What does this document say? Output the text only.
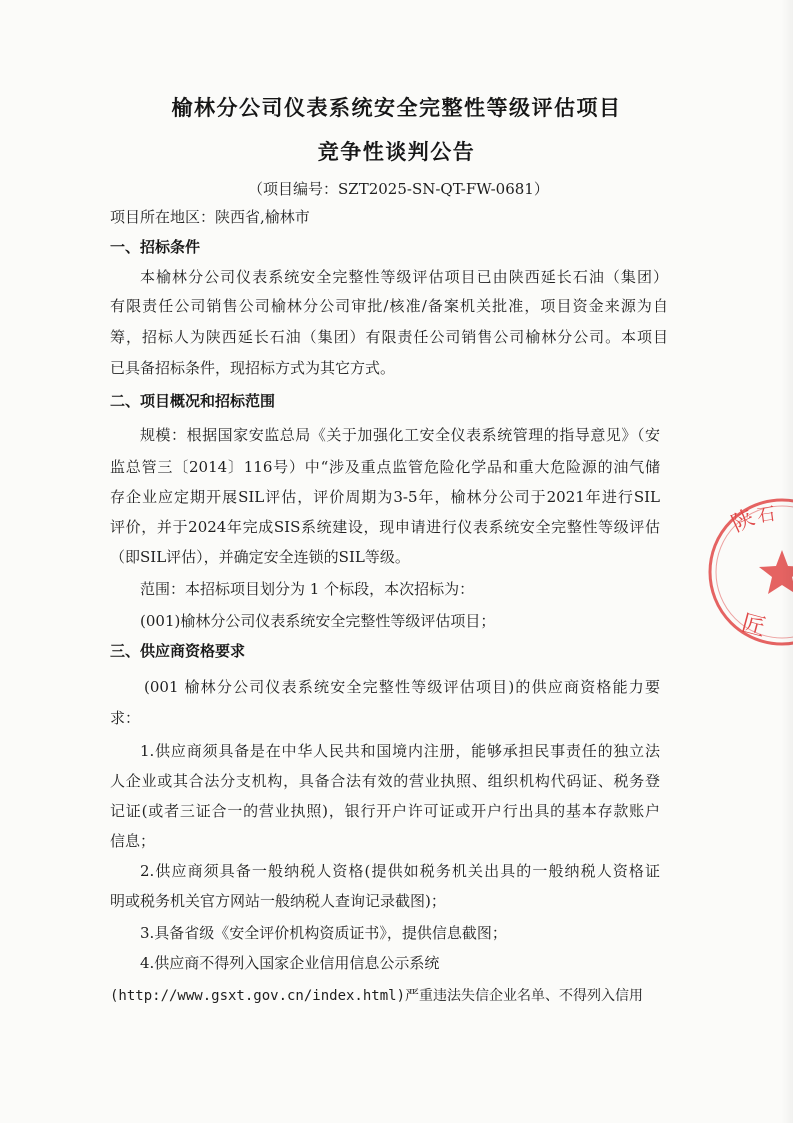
榆林分公司仪表系统安全完整性等级评估项目
竞争性谈判公告
（项目编号：SZT2025-SN-QT-FW-0681）
项目所在地区：陕西省,榆林市
一、招标条件
本榆林分公司仪表系统安全完整性等级评估项目已由陕西延长石油（集团）
有限责任公司销售公司榆林分公司审批/核准/备案机关批准，项目资金来源为自
筹，招标人为陕西延长石油（集团）有限责任公司销售公司榆林分公司。本项目
已具备招标条件，现招标方式为其它方式。
二、项目概况和招标范围
规模：根据国家安监总局《关于加强化工安全仪表系统管理的指导意见》（安
监总管三〔2014〕116号）中“涉及重点监管危险化学品和重大危险源的油气储
存企业应定期开展SIL评估，评价周期为3-5年，榆林分公司于2021年进行SIL
评价，并于2024年完成SIS系统建设，现申请进行仪表系统安全完整性等级评估
（即SIL评估），并确定安全连锁的SIL等级。
范围：本招标项目划分为 1 个标段，本次招标为：
(001)榆林分公司仪表系统安全完整性等级评估项目；
三、供应商资格要求
(001 榆林分公司仪表系统安全完整性等级评估项目)的供应商资格能力要
求：
1.供应商须具备是在中华人民共和国境内注册，能够承担民事责任的独立法
人企业或其合法分支机构，具备合法有效的营业执照、组织机构代码证、税务登
记证(或者三证合一的营业执照)，银行开户许可证或开户行出具的基本存款账户
信息；
2.供应商须具备一般纳税人资格(提供如税务机关出具的一般纳税人资格证
明或税务机关官方网站一般纳税人查询记录截图)；
3.具备省级《安全评价机构资质证书》，提供信息截图；
4.供应商不得列入国家企业信用信息公示系统
(http://www.gsxt.gov.cn/index.html)严重违法失信企业名单、不得列入信用
陕
石
匠
